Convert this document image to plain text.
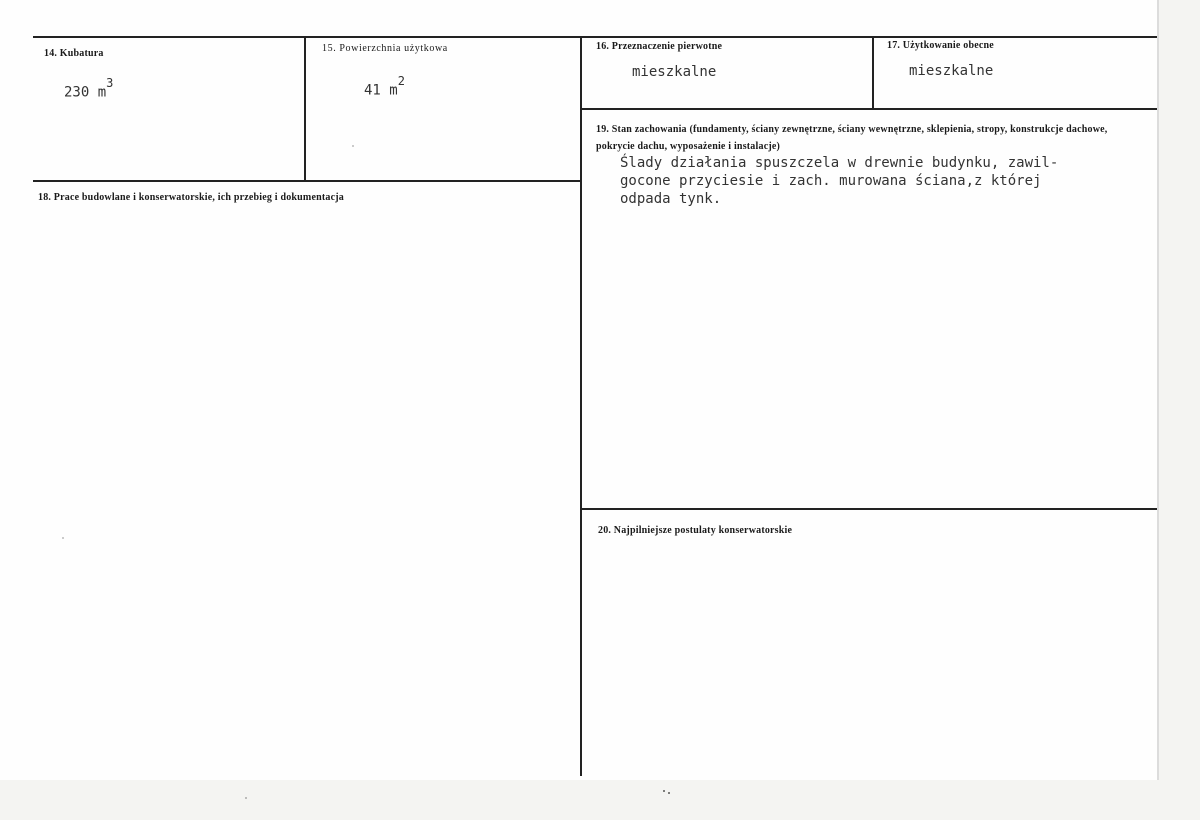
14. Kubatura
230 $m^3$
15. Powierzchnia użytkowa
41 $m^2$
16. Przeznaczenie pierwotne
mieszkalne
17. Użytkowanie obecne
mieszkalne
18. Prace budowlane i konserwatorskie, ich przebieg i dokumentacja
19. Stan zachowania (fundamenty, ściany zewnętrzne, ściany wewnętrzne, sklepienia, stropy, konstrukcje dachowe, pokrycie dachu, wyposażenie i instalacje)
Ślady działania spuszczela w drewnie budynku, zawil-
gocone przyciesie i zach. murowana ściana,z której
odpada tynk.
20. Najpilniejsze postulaty konserwatorskie
